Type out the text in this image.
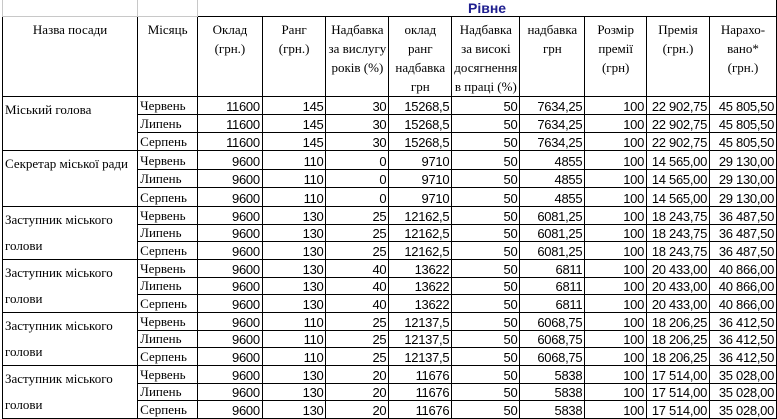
		Рівне								
Назва посади	Місяць	Оклад (грн.)	Ранг (грн.)	Надбавка за вислугу років (%)	оклад ранг надбавка грн	Надбавка за високі досягнення в праці (%)	надбавка грн	Розмір премії (грн)	Премія (грн.)	Нарахо-вано* (грн.)
Міський голова	Червень	11600	145	30	15268,5	50	7634,25	100	22 902,75	45 805,50
	Липень	11600	145	30	15268,5	50	7634,25	100	22 902,75	45 805,50
	Серпень	11600	145	30	15268,5	50	7634,25	100	22 902,75	45 805,50
Секретар міської ради	Червень	9600	110	0	9710	50	4855	100	14 565,00	29 130,00
	Липень	9600	110	0	9710	50	4855	100	14 565,00	29 130,00
	Серпень	9600	110	0	9710	50	4855	100	14 565,00	29 130,00
Заступник міського голови	Червень	9600	130	25	12162,5	50	6081,25	100	18 243,75	36 487,50
	Липень	9600	130	25	12162,5	50	6081,25	100	18 243,75	36 487,50
	Серпень	9600	130	25	12162,5	50	6081,25	100	18 243,75	36 487,50
Заступник міського голови	Червень	9600	130	40	13622	50	6811	100	20 433,00	40 866,00
	Липень	9600	130	40	13622	50	6811	100	20 433,00	40 866,00
	Серпень	9600	130	40	13622	50	6811	100	20 433,00	40 866,00
Заступник міського голови	Червень	9600	110	25	12137,5	50	6068,75	100	18 206,25	36 412,50
	Липень	9600	110	25	12137,5	50	6068,75	100	18 206,25	36 412,50
	Серпень	9600	110	25	12137,5	50	6068,75	100	18 206,25	36 412,50
Заступник міського голови	Червень	9600	130	20	11676	50	5838	100	17 514,00	35 028,00
	Липень	9600	130	20	11676	50	5838	100	17 514,00	35 028,00
	Серпень	9600	130	20	11676	50	5838	100	17 514,00	35 028,00
